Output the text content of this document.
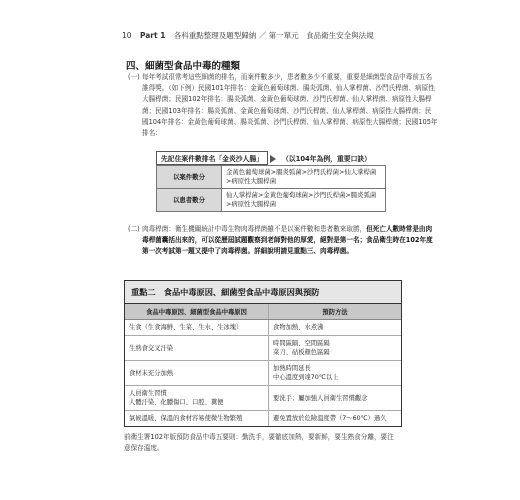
10 Part 1 各科重點整理及題型歸納 ／ 第一單元　食品衛生安全與法規
四、細菌型食品中毒的種類
(一) 每年考試很常考這些細菌的排名，而案件數多少，患者數多少不重要，重要是細菌型食品中毒前五名誰得獎。（如下例）民國101年排名：金黃色葡萄球菌、腸炎弧菌、仙人掌桿菌、沙門氏桿菌、病原性大腸桿菌；民國102年排名：腸炎弧菌、金黃色葡萄球菌、沙門氏桿菌、仙人掌桿菌、病原性大腸桿菌；民國103年排名：腸炎弧菌、金黃色葡萄球菌、沙門氏桿菌、仙人掌桿菌、病原性大腸桿菌；民國104年排名：金黃色葡萄球菌、腸炎弧菌、沙門氏桿菌、仙人掌桿菌、病原性大腸桿菌；民國105年排名：
先記住案件數排名「金炎沙人腸」	（以104年為例，重要口訣）
以案件數分	金黃色葡萄球菌>腸炎弧菌>沙門氏桿菌>仙人掌桿菌>病原性大腸桿菌
以患者數分	仙人掌桿菌>金黃色葡萄球菌>沙門氏桿菌>腸炎弧菌>病原性大腸桿菌
(二) 肉毒桿菌：衛生機關統計中毒生物肉毒桿菌雖不是以案件數和患者數來取勝，但死亡人數時常是由肉毒桿菌囊括出來的，可以從歷屆試題觀察到老師對他的厚愛，絕對是第一名；食品衛生時在102年度第一次考試第一題又提中了肉毒桿菌。詳細說明請見重點三、肉毒桿菌。
重點二　食品中毒原因、細菌型食品中毒原因與預防
食品中毒原因、細菌型食品中毒原因	預防方法
生食（生食海鮮、生菜、生水、生冰塊）	食物加熱、水煮沸
生熟食交叉汙染	時間區隔、空間區隔
菜刀、砧板顏色區隔
食材未充分加熱	加熱時間延長
中心溫度到達70℃以上
人員衛生習慣
人體汙染、化膿傷口、口腔、糞便	要洗手；屬加強人員衛生習慣觀念
氣候溫暖，保溫的食材容易使微生物繁殖	避免置放於危險溫度帶（7～60℃）過久
前衛生署102年版預防食品中毒五要則：勤洗手，要徹底加熱，要新鮮，要生熟食分離，要注意保存溫度。
